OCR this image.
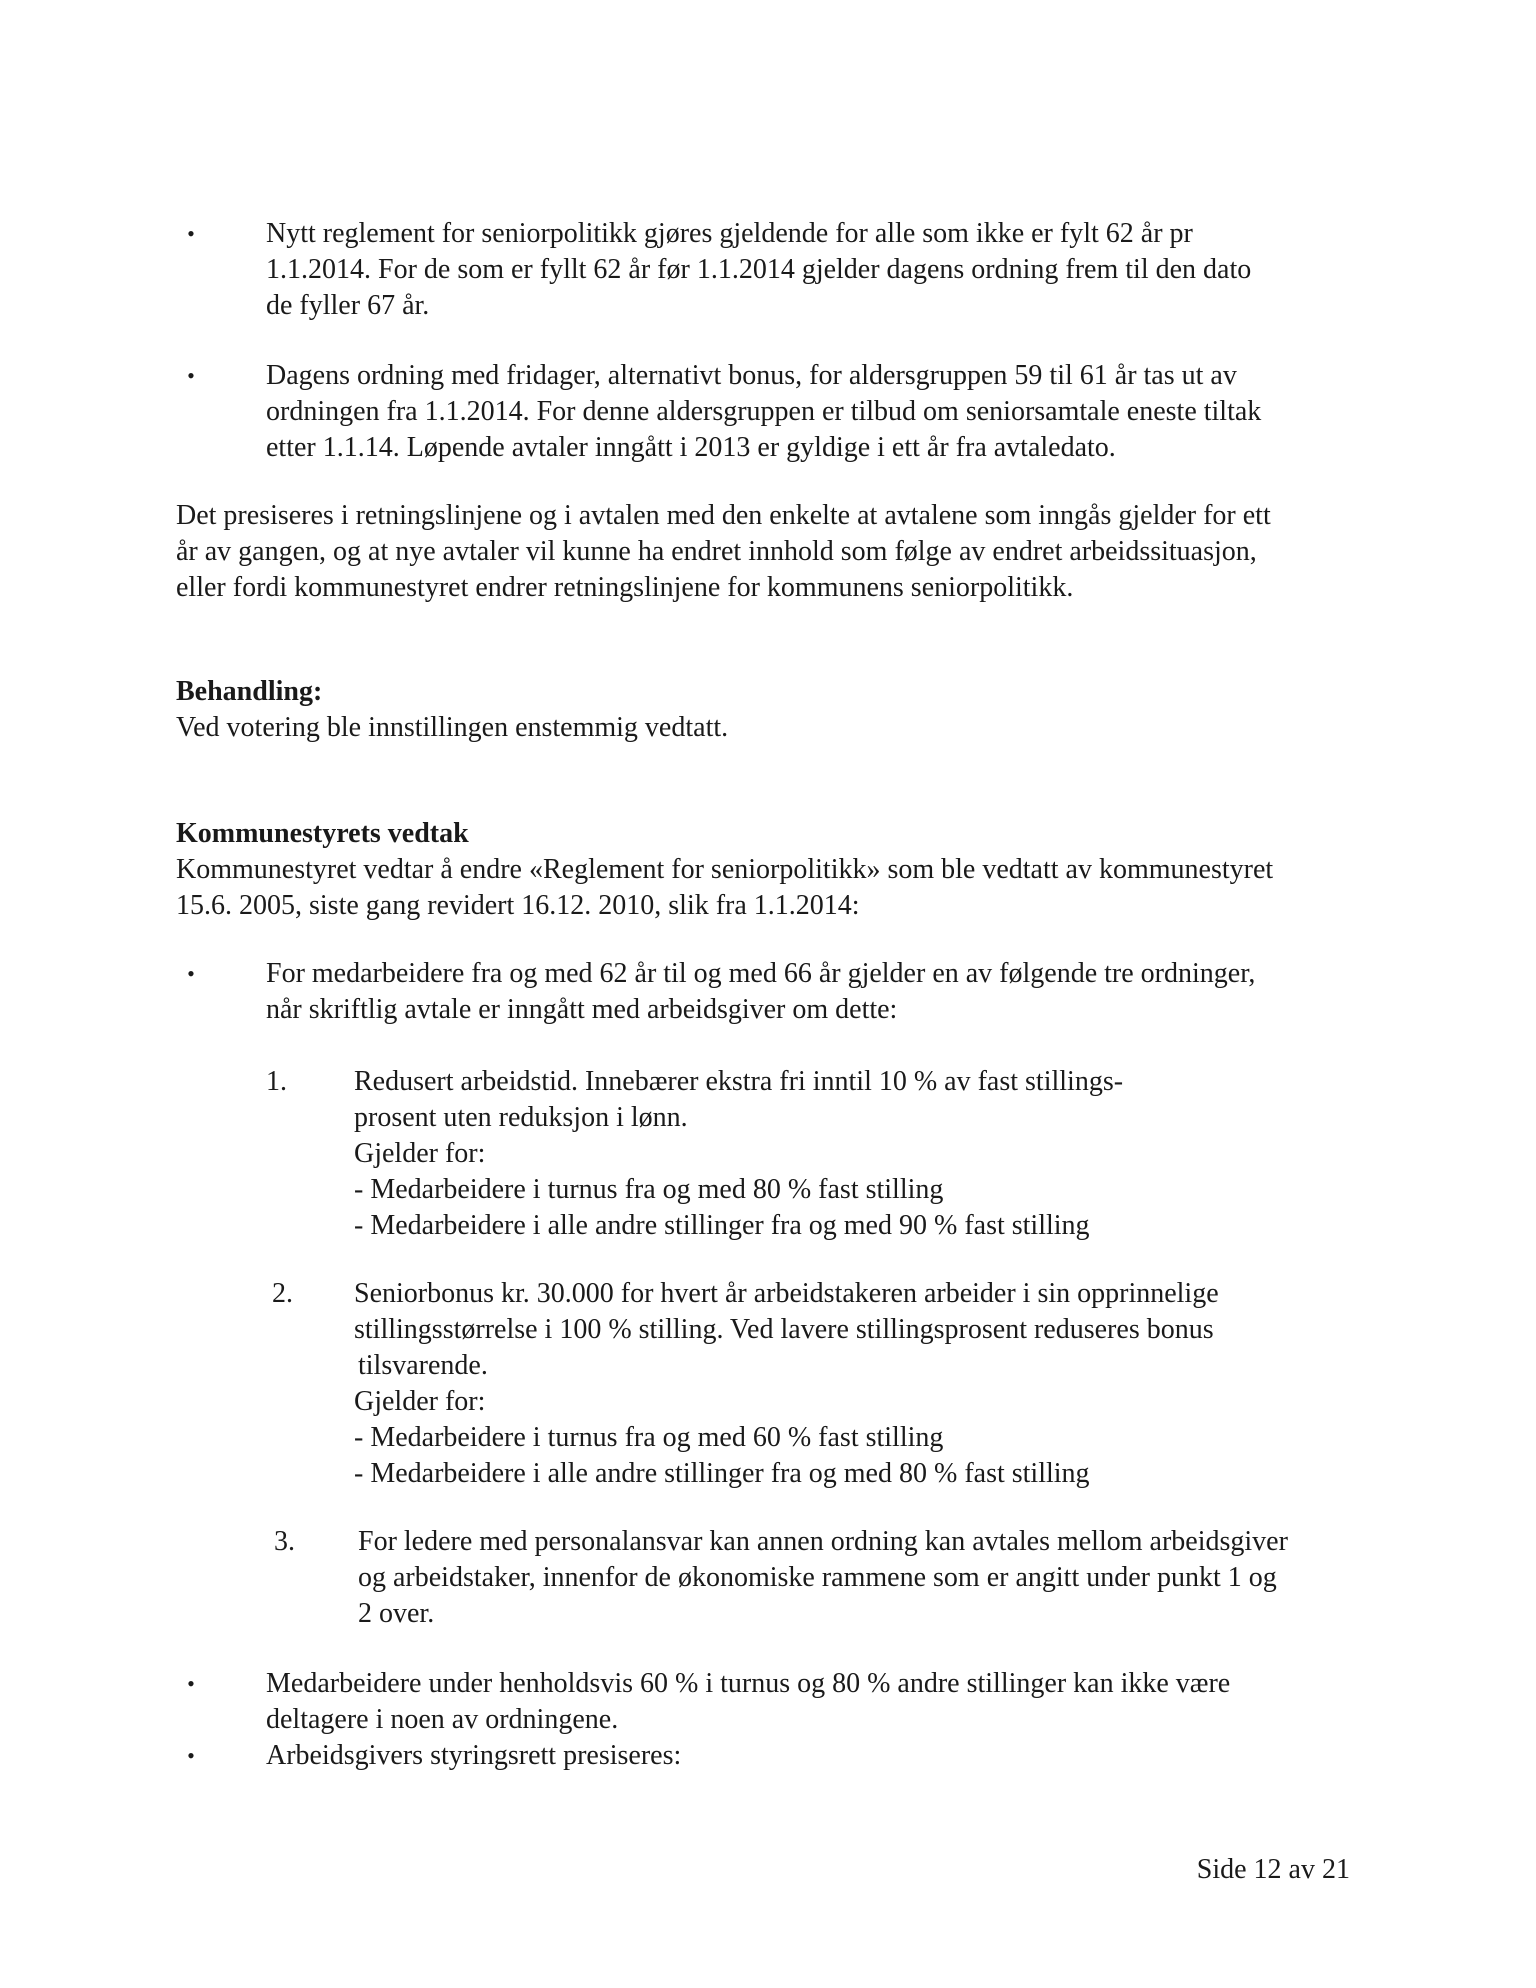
•	Nytt reglement for seniorpolitikk gjøres gjeldende for alle som ikke er fylt 62 år pr
1.1.2014. For de som er fyllt 62 år før 1.1.2014 gjelder dagens ordning frem til den dato
de fyller 67 år.
•	Dagens ordning med fridager, alternativt bonus, for aldersgruppen 59 til 61 år tas ut av
ordningen fra 1.1.2014. For denne aldersgruppen er tilbud om seniorsamtale eneste tiltak
etter 1.1.14. Løpende avtaler inngått i 2013 er gyldige i ett år fra avtaledato.
Det presiseres i retningslinjene og i avtalen med den enkelte at avtalene som inngås gjelder for ett
år av gangen, og at nye avtaler vil kunne ha endret innhold som følge av endret arbeidssituasjon,
eller fordi kommunestyret endrer retningslinjene for kommunens seniorpolitikk.
Behandling:
Ved votering ble innstillingen enstemmig vedtatt.
Kommunestyrets vedtak
Kommunestyret vedtar å endre «Reglement for seniorpolitikk» som ble vedtatt av kommunestyret
15.6. 2005, siste gang revidert 16.12. 2010, slik fra 1.1.2014:
•	For medarbeidere fra og med 62 år til og med 66 år gjelder en av følgende tre ordninger,
når skriftlig avtale er inngått med arbeidsgiver om dette:
1.	Redusert arbeidstid. Innebærer ekstra fri inntil 10 % av fast stillings-
prosent uten reduksjon i lønn.
Gjelder for:
- Medarbeidere i turnus fra og med 80 % fast stilling
- Medarbeidere i alle andre stillinger fra og med 90 % fast stilling
2.	Seniorbonus kr. 30.000 for hvert år arbeidstakeren arbeider i sin opprinnelige
stillingsstørrelse i 100 % stilling. Ved lavere stillingsprosent reduseres bonus
tilsvarende.
Gjelder for:
- Medarbeidere i turnus fra og med 60 % fast stilling
- Medarbeidere i alle andre stillinger fra og med 80 % fast stilling
3.	For ledere med personalansvar kan annen ordning kan avtales mellom arbeidsgiver
og arbeidstaker, innenfor de økonomiske rammene som er angitt under punkt 1 og
2 over.
•	Medarbeidere under henholdsvis 60 % i turnus og 80 % andre stillinger kan ikke være
deltagere i noen av ordningene.
•	Arbeidsgivers styringsrett presiseres:
Side 12 av 21
